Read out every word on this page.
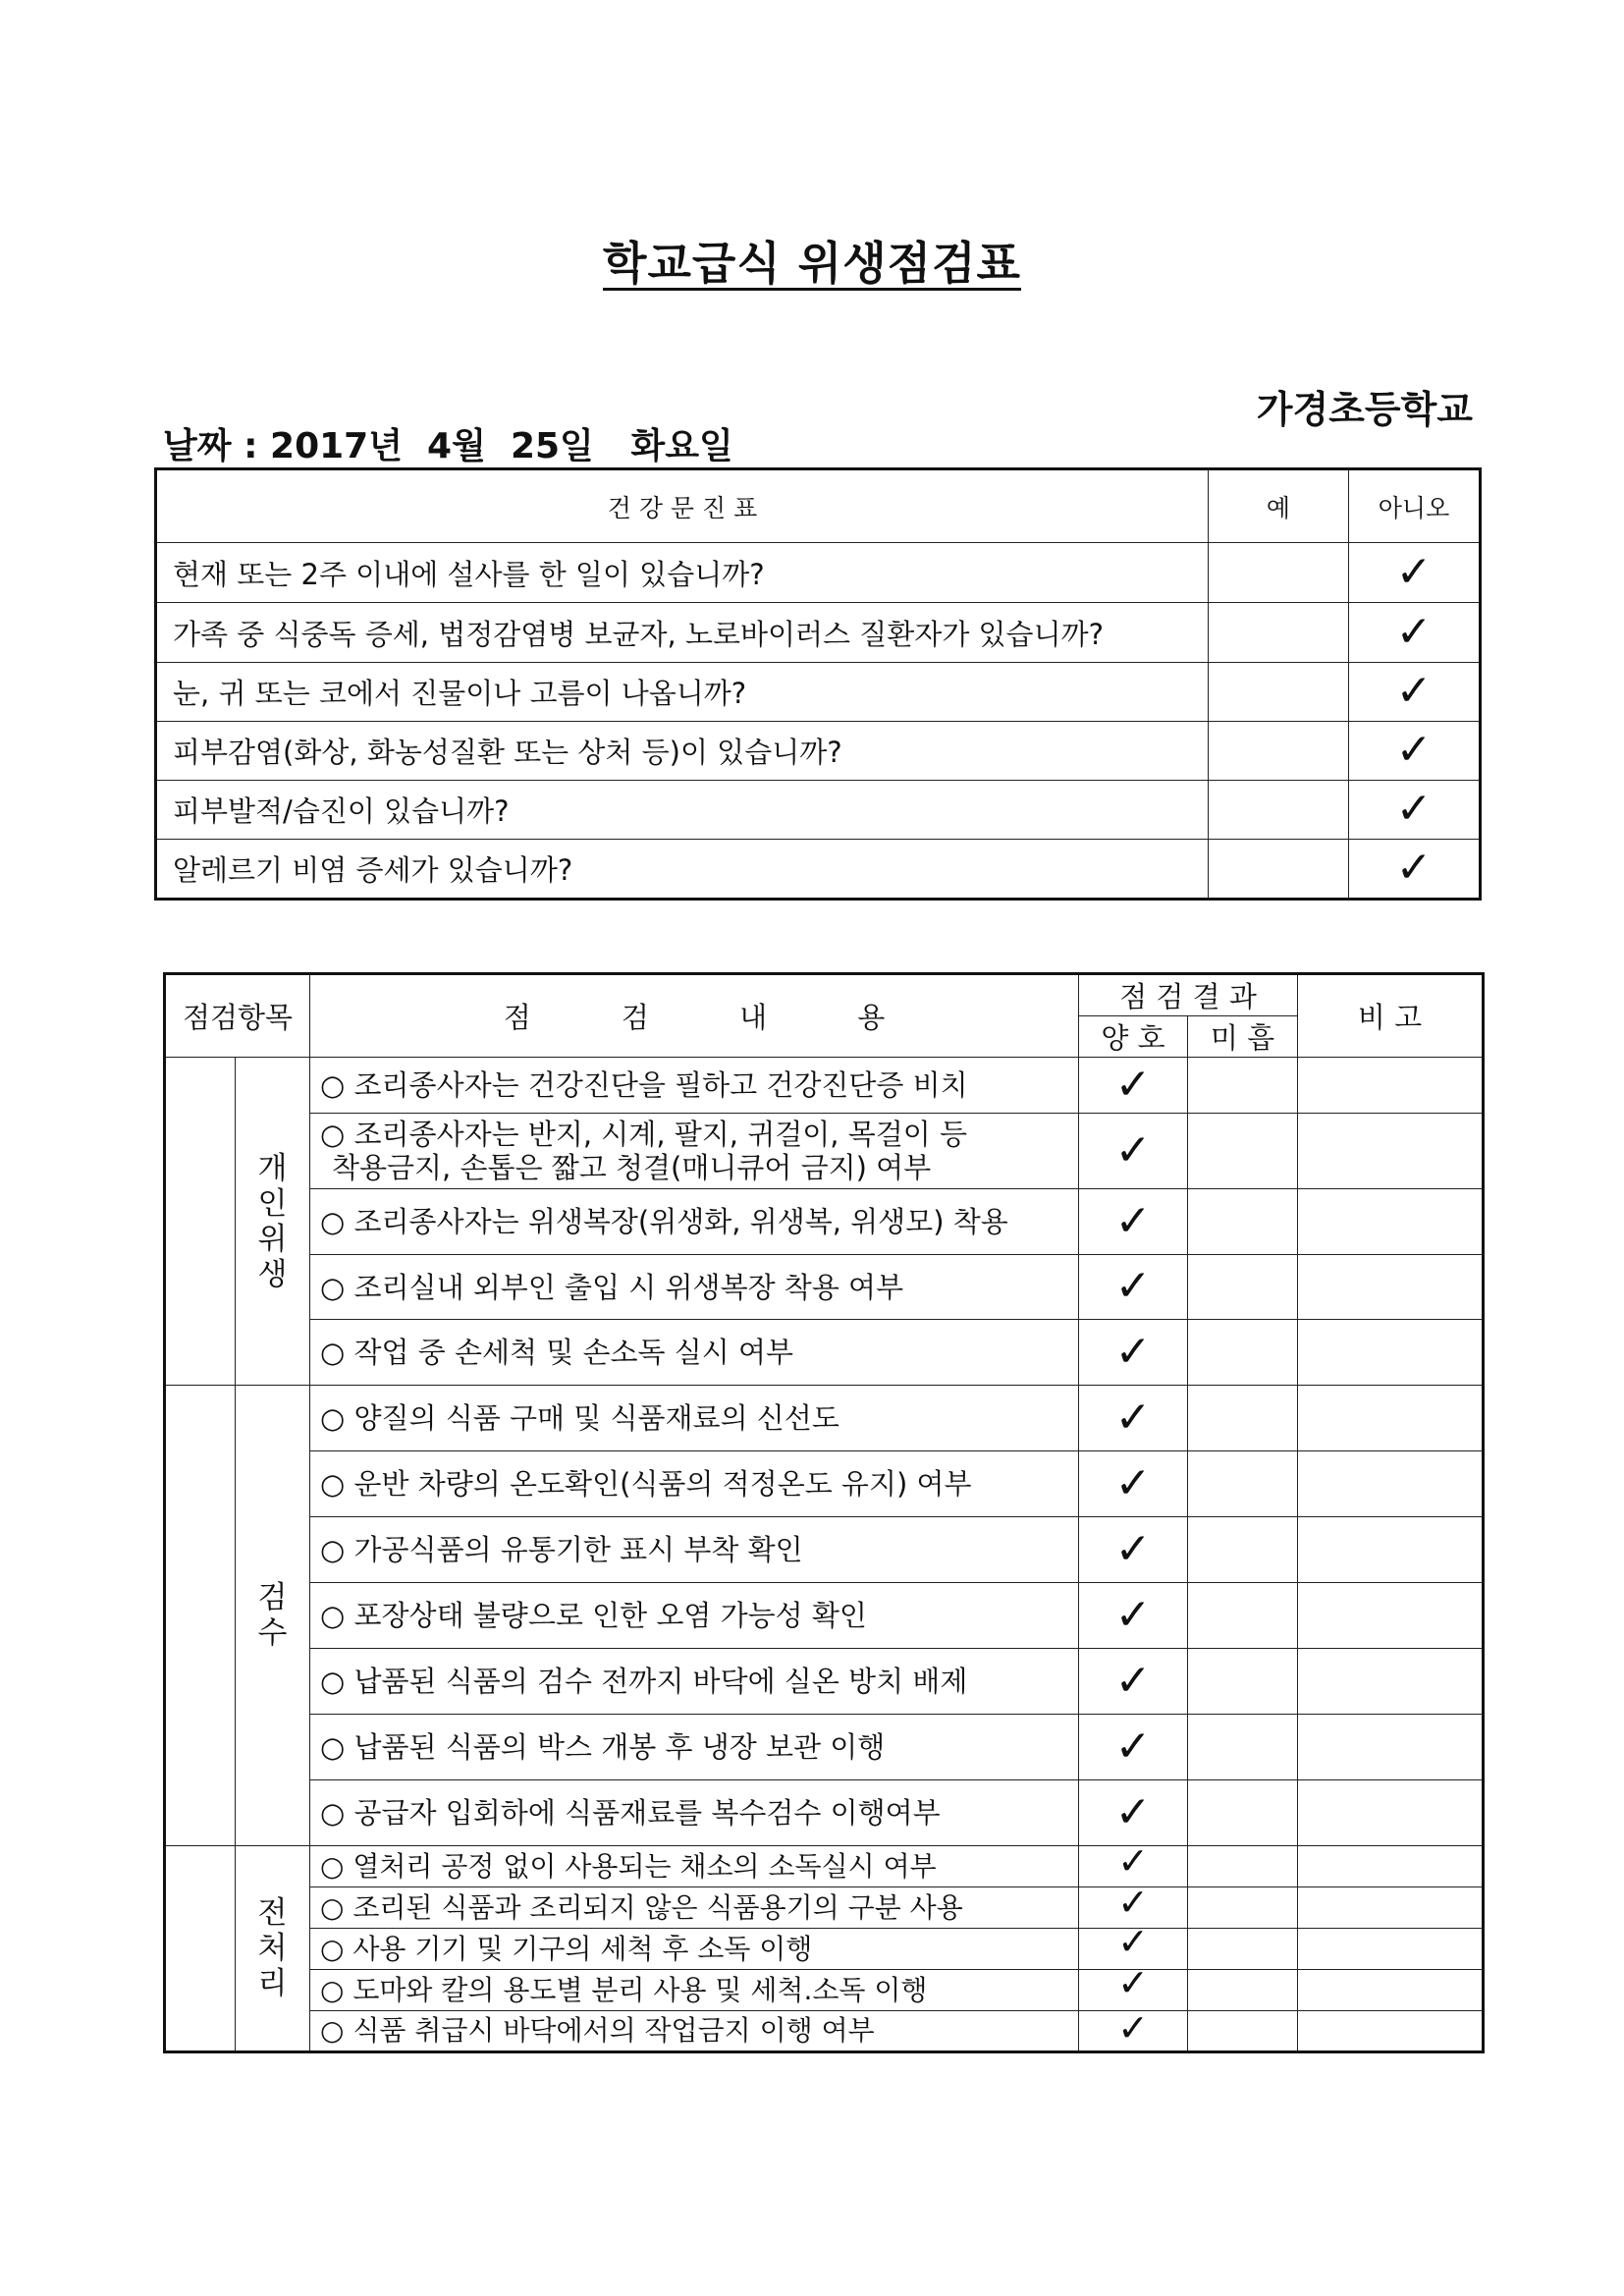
학교급식 위생점검표
가경초등학교
날짜 : 2017년  4월  25일   화요일
건 강 문 진 표	예	아니오
현재 또는 2주 이내에 설사를 한 일이 있습니까?		✓
가족 중 식중독 증세, 법정감염병 보균자, 노로바이러스 질환자가 있습니까?		✓
눈, 귀 또는 코에서 진물이나 고름이 나옵니까?		✓
피부감염(화상, 화농성질환 또는 상처 등)이 있습니까?		✓
피부발적/습진이 있습니까?		✓
알레르기 비염 증세가 있습니까?		✓
점검항목		점          검          내          용	점 검 결 과		비 고
			양 호	미 흡	
	개인위생	○ 조리종사자는 건강진단을 필하고 건강진단증 비치	✓		

		○ 조리종사자는 반지, 시계, 팔지, 귀걸이, 목걸이 등
착용금지, 손톱은 짧고 청결(매니큐어 금지) 여부	✓		

		○ 조리종사자는 위생복장(위생화, 위생복, 위생모) 착용	✓		

		○ 조리실내 외부인 출입 시 위생복장 착용 여부	✓		

		○ 작업 중 손세척 및 손소독 실시 여부	✓		
	검수	○ 양질의 식품 구매 및 식품재료의 신선도	✓		

		○ 운반 차량의 온도확인(식품의 적정온도 유지) 여부	✓		

		○ 가공식품의 유통기한 표시 부착 확인	✓		

		○ 포장상태 불량으로 인한 오염 가능성 확인	✓		

		○ 납품된 식품의 검수 전까지 바닥에 실온 방치 배제	✓		

		○ 납품된 식품의 박스 개봉 후 냉장 보관 이행	✓		

		○ 공급자 입회하에 식품재료를 복수검수 이행여부	✓		
	전처리	○ 열처리 공정 없이 사용되는 채소의 소독실시 여부	✓		

		○ 조리된 식품과 조리되지 않은 식품용기의 구분 사용	✓		

		○ 사용 기기 및 기구의 세척 후 소독 이행	✓		

		○ 도마와 칼의 용도별 분리 사용 및 세척.소독 이행	✓		

		○ 식품 취급시 바닥에서의 작업금지 이행 여부	✓		
